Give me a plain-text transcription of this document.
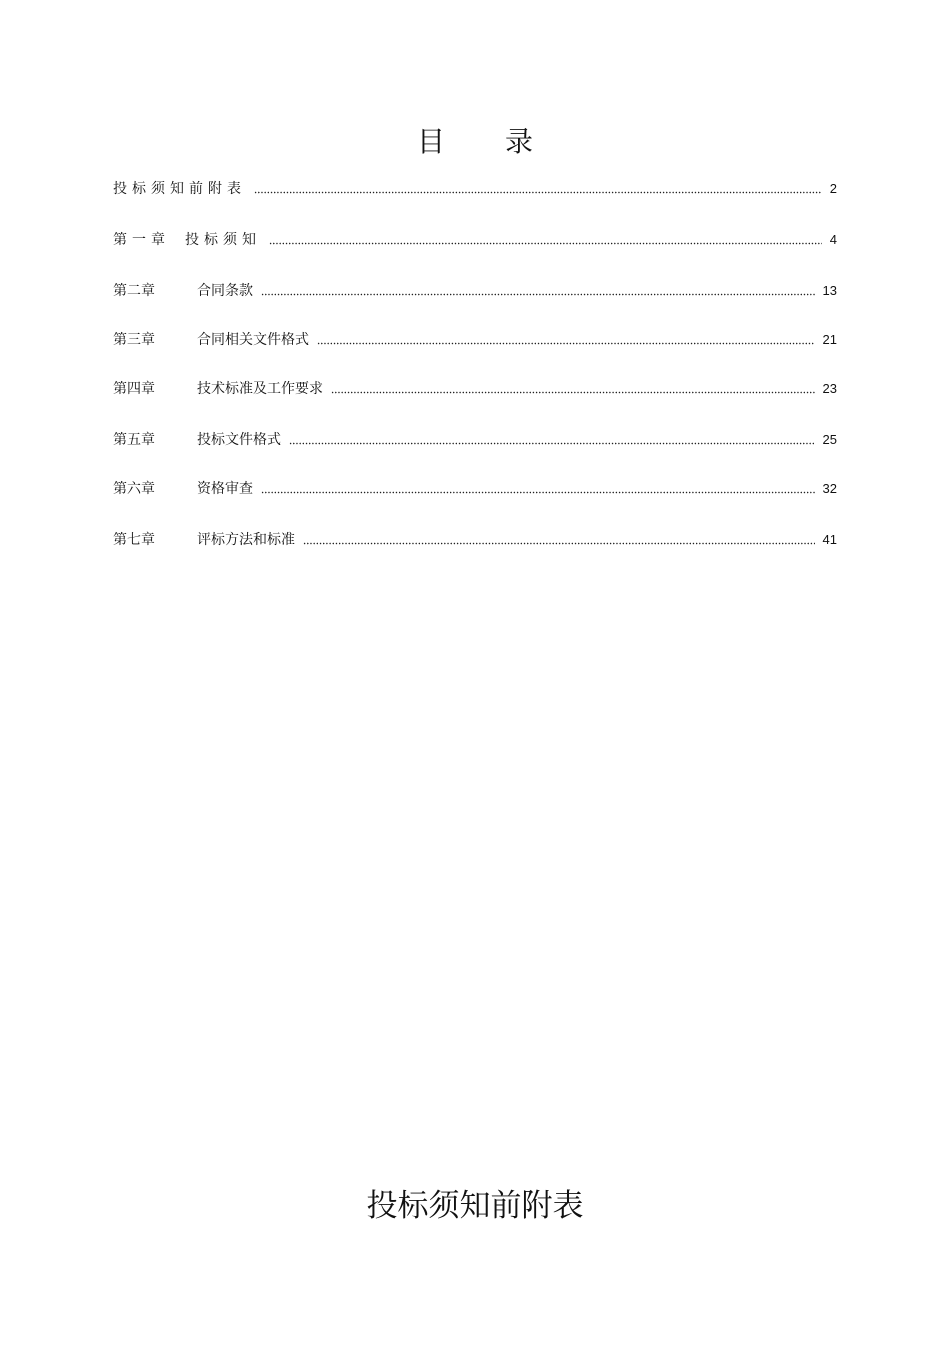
目录
投标须知前附表	2
第一章	投标须知	4
第二章	合同条款	13
第三章	合同相关文件格式	21
第四章	技术标准及工作要求	23
第五章	投标文件格式	25
第六章	资格审查	32
第七章	评标方法和标准	41
投标须知前附表
